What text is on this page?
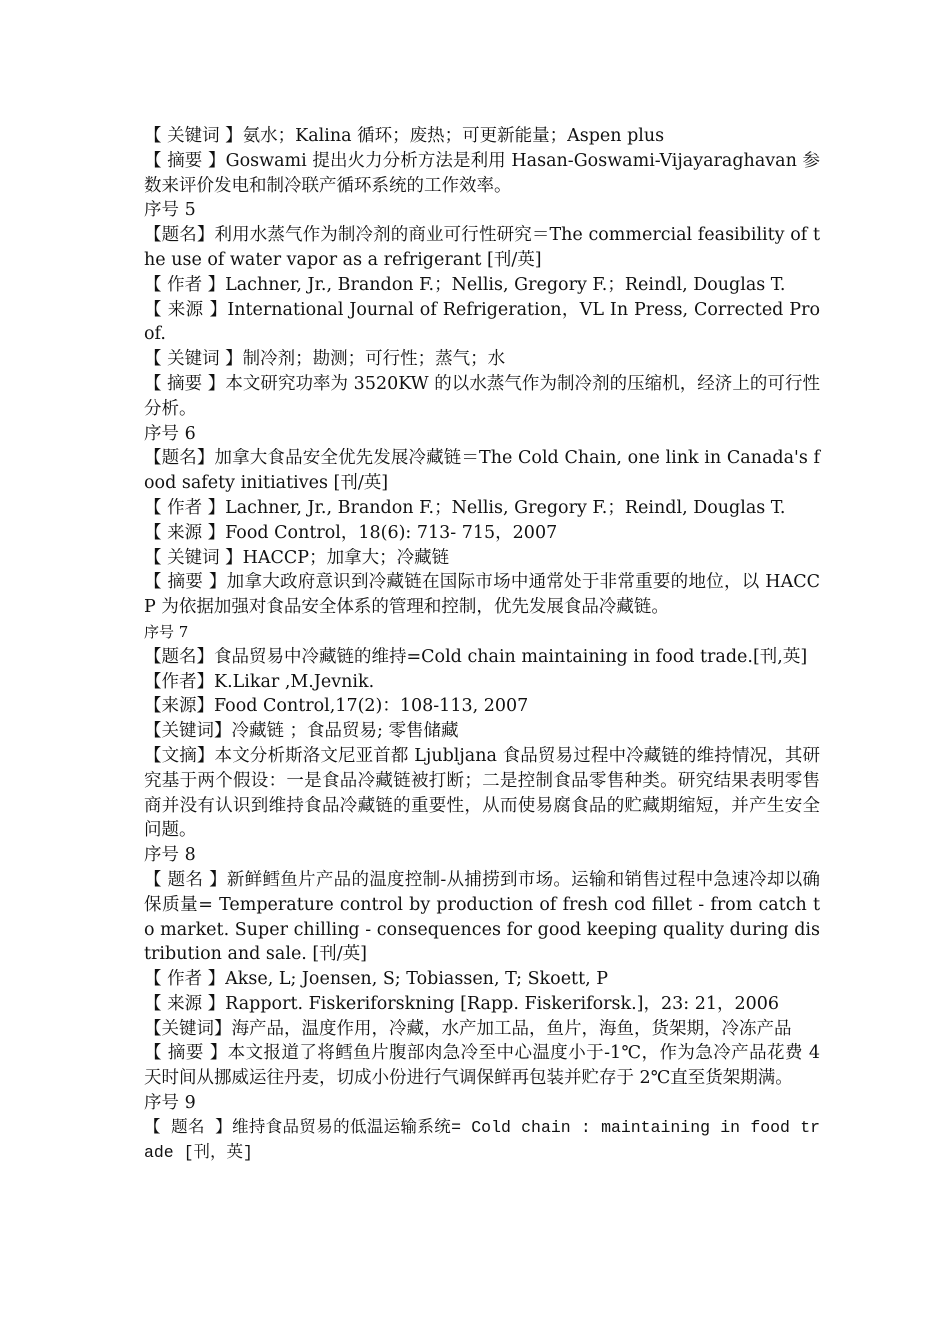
【 关键词 】氨水；Kalina 循环；废热；可更新能量；Aspen plus

【 摘要 】Goswami 提出火力分析方法是利用 Hasan-Goswami-Vijayaraghavan 参数来评价发电和制冷联产循环系统的工作效率。

序号 5

【题名】利用水蒸气作为制冷剂的商业可行性研究＝The commercial feasibility of the use of water vapor as a refrigerant [刊/英]

【 作者 】Lachner, Jr., Brandon F.；Nellis, Gregory F.；Reindl, Douglas T.

【 来源 】International Journal of Refrigeration，VL In Press, Corrected Proof.

【 关键词 】制冷剂；勘测；可行性；蒸气；水

【 摘要 】本文研究功率为 3520KW 的以水蒸气作为制冷剂的压缩机，经济上的可行性分析。

序号 6

【题名】加拿大食品安全优先发展冷藏链＝The Cold Chain, one link in Canada's food safety initiatives [刊/英]

【 作者 】Lachner, Jr., Brandon F.；Nellis, Gregory F.；Reindl, Douglas T.

【 来源 】Food Control，18(6): 713- 715，2007

【 关键词 】HACCP；加拿大；冷藏链

【 摘要 】加拿大政府意识到冷藏链在国际市场中通常处于非常重要的地位，以 HACCP 为依据加强对食品安全体系的管理和控制，优先发展食品冷藏链。

序号 7

【题名】食品贸易中冷藏链的维持=Cold chain maintaining in food trade.[刊,英]

【作者】K.Likar ,M.Jevnik.

【来源】Food Control,17(2)：108-113, 2007

【关键词】冷藏链 ；食品贸易; 零售储藏

【文摘】本文分析斯洛文尼亚首都 Ljubljana 食品贸易过程中冷藏链的维持情况，其研究基于两个假设：一是食品冷藏链被打断；二是控制食品零售种类。研究结果表明零售商并没有认识到维持食品冷藏链的重要性，从而使易腐食品的贮藏期缩短，并产生安全问题。

序号 8

【 题名 】新鲜鳕鱼片产品的温度控制-从捕捞到市场。运输和销售过程中急速冷却以确保质量= Temperature control by production of fresh cod fillet - from catch to market. Super chilling - consequences for good keeping quality during distribution and sale. [刊/英]

【 作者 】Akse, L; Joensen, S; Tobiassen, T; Skoett, P

【 来源 】Rapport. Fiskeriforskning [Rapp. Fiskeriforsk.]，23: 21，2006

【关键词】海产品，温度作用，冷藏，水产加工品，鱼片，海鱼，货架期，冷冻产品

【 摘要 】本文报道了将鳕鱼片腹部肉急冷至中心温度小于-1℃，作为急冷产品花费 4 天时间从挪威运往丹麦，切成小份进行气调保鲜再包装并贮存于 2℃直至货架期满。

序号 9

【 题名 】维持食品贸易的低温运输系统= Cold chain : maintaining in food trade [刊，英]
